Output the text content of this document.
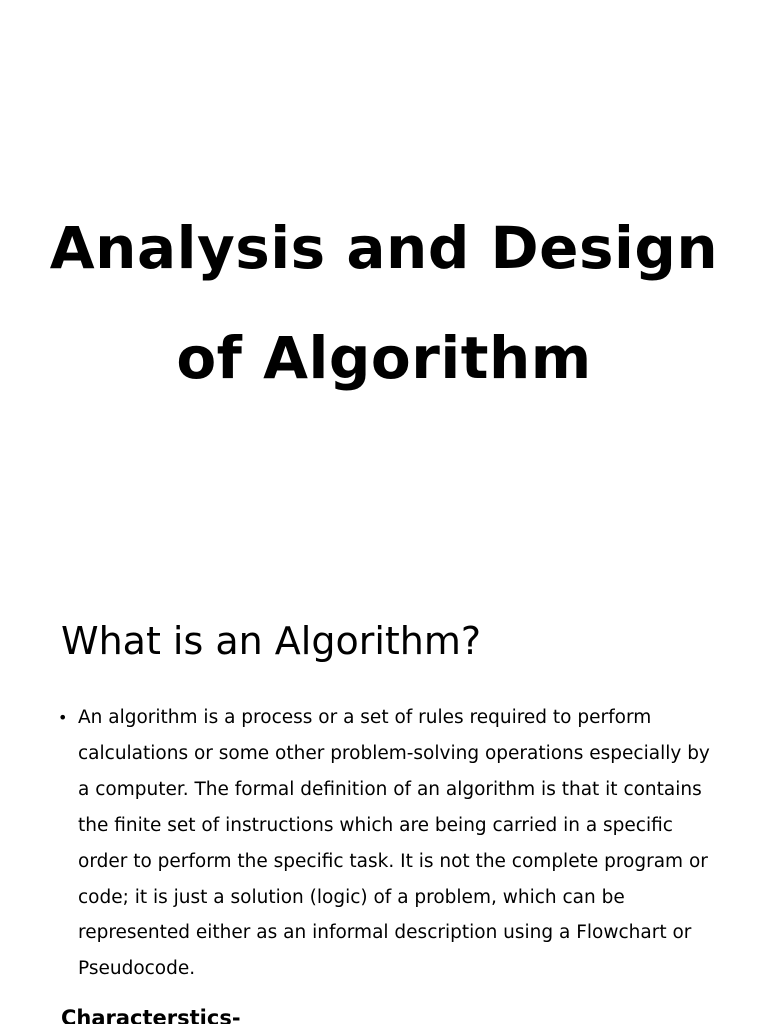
Analysis and Design
of Algorithm
What is an Algorithm?
• An algorithm is a process or a set of rules required to perform calculations or some other problem-solving operations especially by a computer. The formal definition of an algorithm is that it contains the finite set of instructions which are being carried in a specific order to perform the specific task. It is not the complete program or code; it is just a solution (logic) of a problem, which can be represented either as an informal description using a Flowchart or Pseudocode.
Characterstics-
